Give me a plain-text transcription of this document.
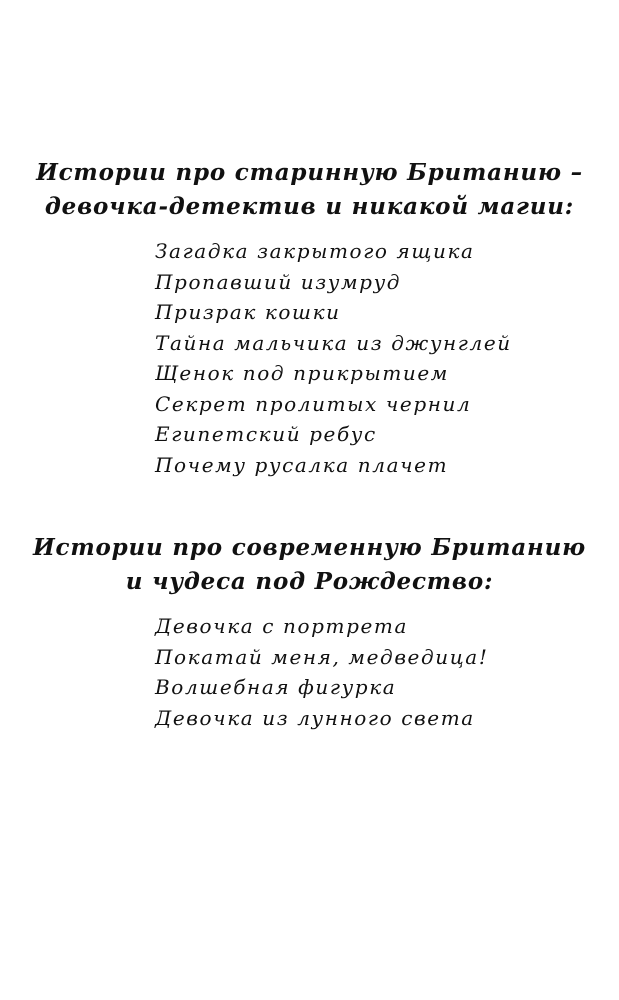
Истории про старинную Британию –
девочка-детектив и никакой магии:
Загадка закрытого ящика
Пропавший изумруд
Призрак кошки
Тайна мальчика из джунглей
Щенок под прикрытием
Секрет пролитых чернил
Египетский ребус
Почему русалка плачет
Истории про современную Британию
и чудеса под Рождество:
Девочка с портрета
Покатай меня, медведица!
Волшебная фигурка
Девочка из лунного света
